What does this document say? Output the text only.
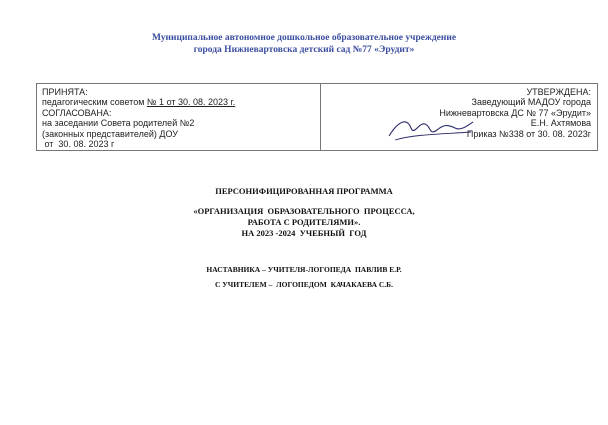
Муниципальное автономное дошкольное образовательное учреждение
города Нижневартовска детский сад №77 «Эрудит»
ПРИНЯТА:
педагогическим советом № 1 от 30. 08. 2023 г.
СОГЛАСОВАНА:
на заседании Совета родителей №2
(законных представителей) ДОУ
от  30. 08. 2023 г
УТВЕРЖДЕНА:
Заведующий МАДОУ города
Нижневартовска ДС № 77 «Эрудит»
Е.Н. Ахтямова
Приказ №338 от 30. 08. 2023г
ПЕРСОНИФИЦИРОВАННАЯ ПРОГРАММА
«ОРГАНИЗАЦИЯ  ОБРАЗОВАТЕЛЬНОГО  ПРОЦЕССА,
РАБОТА С РОДИТЕЛЯМИ».
НА 2023 -2024  УЧЕБНЫЙ  ГОД
НАСТАВНИКА – УЧИТЕЛЯ-ЛОГОПЕДА  ПАВЛИВ Е.Р.
С УЧИТЕЛЕМ –  ЛОГОПЕДОМ  КАЧАКАЕВА С.Б.
